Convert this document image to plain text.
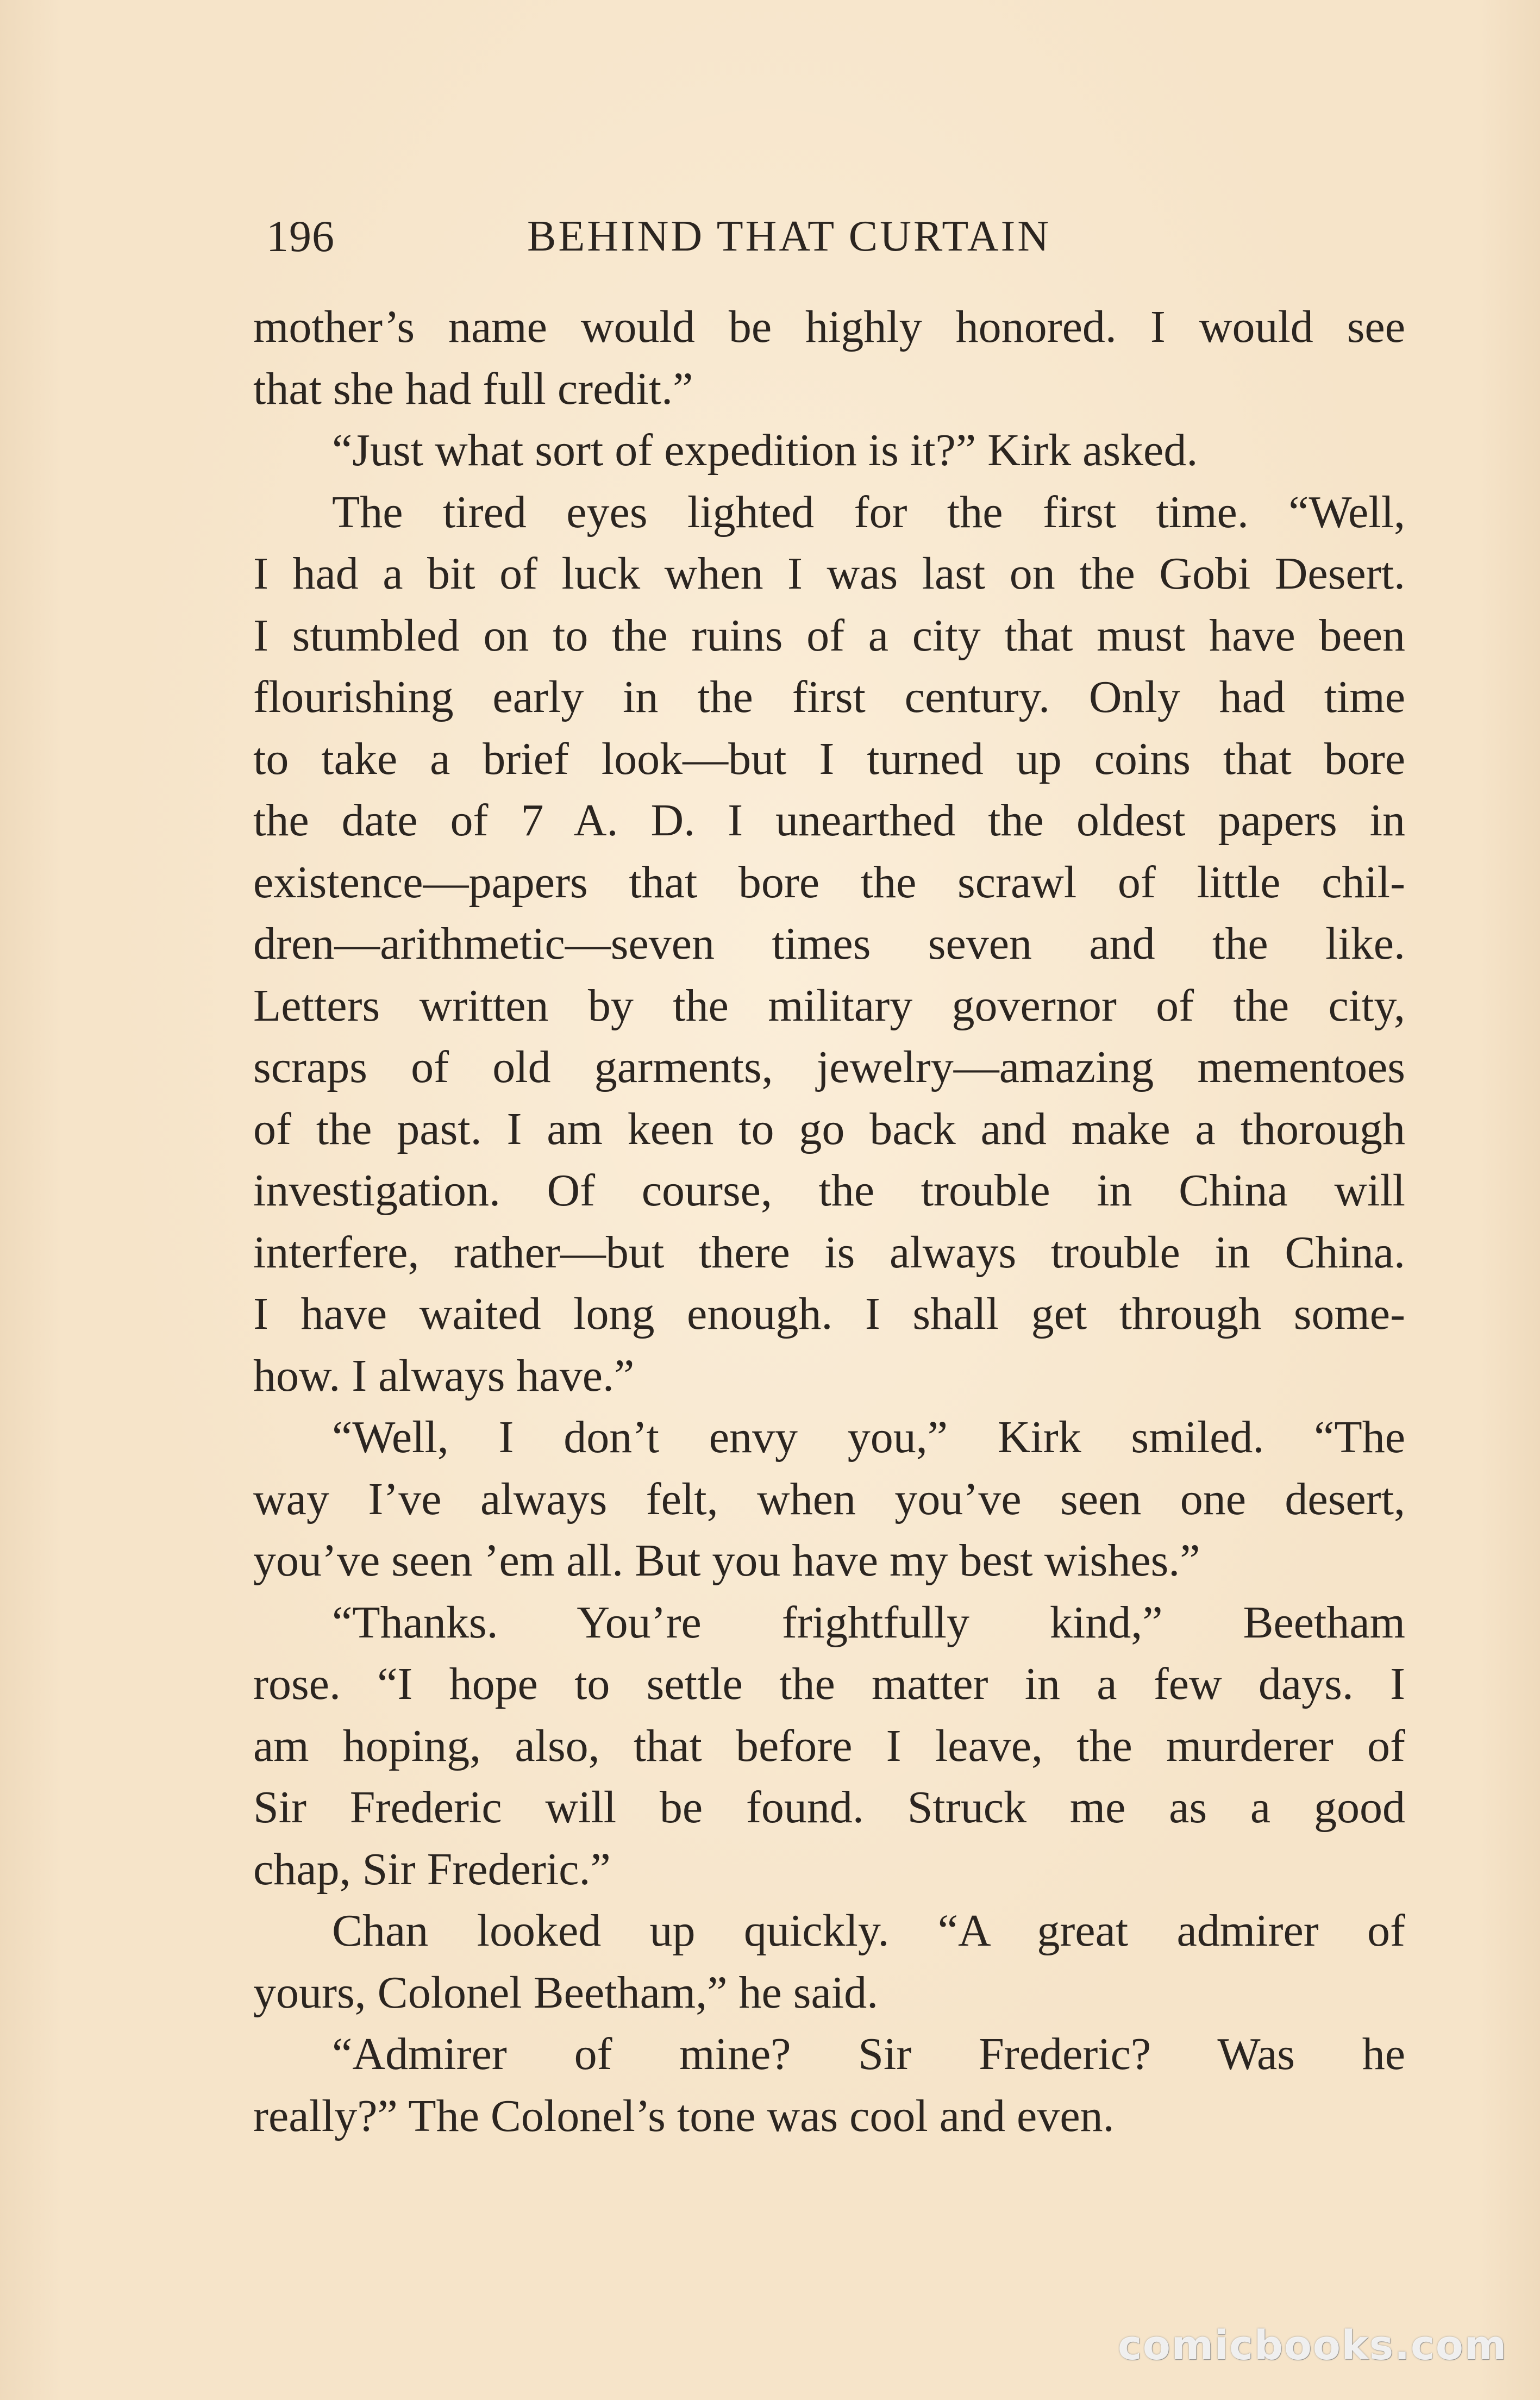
196	BEHIND THAT CURTAIN
mother’s name would be highly honored. I would see
that she had full credit.”
“Just what sort of expedition is it?” Kirk asked.
The tired eyes lighted for the first time. “Well,
I had a bit of luck when I was last on the Gobi Desert.
I stumbled on to the ruins of a city that must have been
flourishing early in the first century. Only had time
to take a brief look—but I turned up coins that bore
the date of 7 A. D. I unearthed the oldest papers in
existence—papers that bore the scrawl of little chil-
dren—arithmetic—seven times seven and the like.
Letters written by the military governor of the city,
scraps of old garments, jewelry—amazing mementoes
of the past. I am keen to go back and make a thorough
investigation. Of course, the trouble in China will
interfere, rather—but there is always trouble in China.
I have waited long enough. I shall get through some-
how. I always have.”
“Well, I don’t envy you,” Kirk smiled. “The
way I’ve always felt, when you’ve seen one desert,
you’ve seen ’em all. But you have my best wishes.”
“Thanks. You’re frightfully kind,” Beetham
rose. “I hope to settle the matter in a few days. I
am hoping, also, that before I leave, the murderer of
Sir Frederic will be found. Struck me as a good
chap, Sir Frederic.”
Chan looked up quickly. “A great admirer of
yours, Colonel Beetham,” he said.
“Admirer of mine? Sir Frederic? Was he
really?” The Colonel’s tone was cool and even.
comicbooks.com
